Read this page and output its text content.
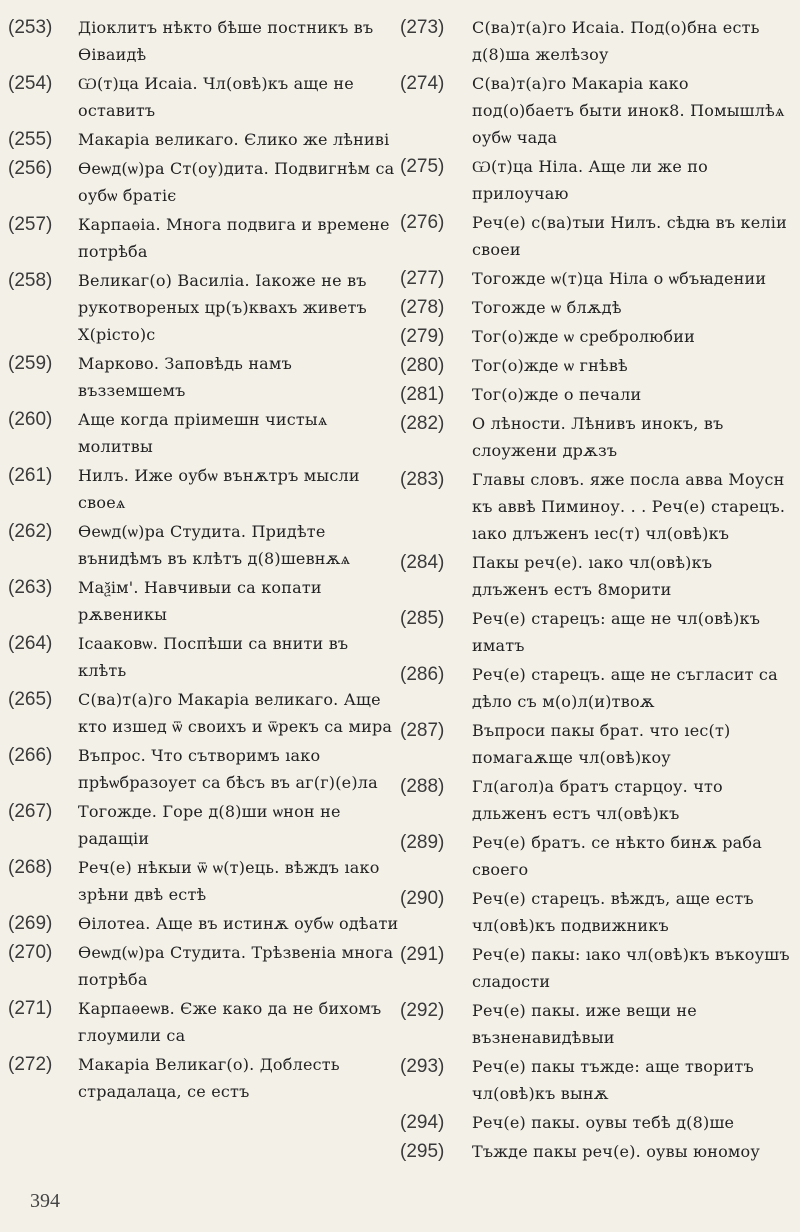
(253)	Діоклитъ нѣкто бѣше постникъ въ Ѳіваидѣ
(254)	Ѡ(т)ца Исаіа. Чл(овѣ)къ аще не оставитъ
(255)	Макаріа великаго. Єлико же лѣниві
(256)	Ѳеѡд(ѡ)ра Ст(оу)дита. Подвигнѣм са оубѡ братіє
(257)	Карпаѳіа. Многа подвига и времене потрѣба
(258)	Великаг(о) Василіа. Iакоже не въ рукотвореныx цр(ъ)квахъ живетъ Х(рісто)с
(259)	Марково. Заповѣдь намъ възземшемъ
(260)	Аще когда пріимешн чистыѧ молитвы
(261)	Нилъ. Иже оубѡ вънѫтръ мысли своеѧ
(262)	Ѳеѡд(ѡ)ра Студита. Придѣте вънидѣмъ въ клѣтъ д(8)шевнѫѧ
(263)	Маѯім'. Навчивыи са копати рѫвеникы
(264)	Ісааковѡ. Поспѣши са внити въ клѣть
(265)	С(ва)т(а)го Макаріа великаго. Аще кто изшед ѿ своихъ и ѿрекъ са мира
(266)	Въпрос. Что сътворимъ ıако прѣѡбразоует са бѣсъ въ аг(г)(е)ла
(267)	Тогожде. Горе д(8)ши ѡнон не радащіи
(268)	Реч(е) нѣкыи ѿ ѡ(т)ець. вѣждъ ıако зрѣни двѣ естѣ
(269)	Ѳілотеа. Аще въ истинѫ оубѡ одѣати
(270)	Ѳеѡд(ѡ)ра Студита. Трѣзвеніа многа потрѣба
(271)	Карпаѳеѡв. Єже како да не бихомъ глоумили са
(272)	Макаріа Великаг(о). Доблесть страдалаца, се естъ
(273)	С(ва)т(а)го Исаіа. Под(о)бна есть д(8)ша желѣзоу
(274)	С(ва)т(а)го Макаріа како под(о)баетъ быти инок8. Помышлѣѧ оубѡ чада
(275)	Ѡ(т)ца Ніла. Аще ли же по прилоучаю
(276)	Реч(е) с(ва)тыи Нилъ. сѣдꙗ въ келіи своеи
(277)	Тогожде ѡ(т)ца Ніла о ѡбъꙗдении
(278)	Тогожде ѡ блѫдѣ
(279)	Тог(о)жде ѡ сребролюбии
(280)	Тог(о)жде ѡ гнѣвѣ
(281)	Тог(о)жде о печали
(282)	О лѣности. Лѣнивъ инокъ, въ слоужени дрѫзъ
(283)	Главы словъ. яже посла авва Моусн къ аввѣ Пиминоу. . . Реч(е) старецъ. ıако длъженъ ıес(т) чл(овѣ)къ
(284)	Пакы реч(е). ıако чл(овѣ)къ длъженъ естъ 8морити
(285)	Реч(е) старецъ: аще не чл(овѣ)къ иматъ
(286)	Реч(е) старецъ. аще не съгласит са дѣло съ м(о)л(и)твоѫ
(287)	Въпроси пакы брат. что ıес(т) помагаѫще чл(овѣ)коу
(288)	Гл(агол)а братъ старцоу. что дльженъ естъ чл(овѣ)къ
(289)	Реч(е) братъ. се нѣкто бинѫ раба своего
(290)	Реч(е) старецъ. вѣждъ, аще естъ чл(овѣ)къ подвижникъ
(291)	Реч(е) пакы: ıако чл(овѣ)къ въкоушъ сладости
(292)	Реч(е) пакы. иже вещи не възненавидѣвыи
(293)	Реч(е) пакы тъжде: аще творитъ чл(овѣ)къ вынѫ
(294)	Реч(е) пакы. оувы тебѣ д(8)ше
(295)	Тъжде пакы реч(е). оувы юномоу
394
